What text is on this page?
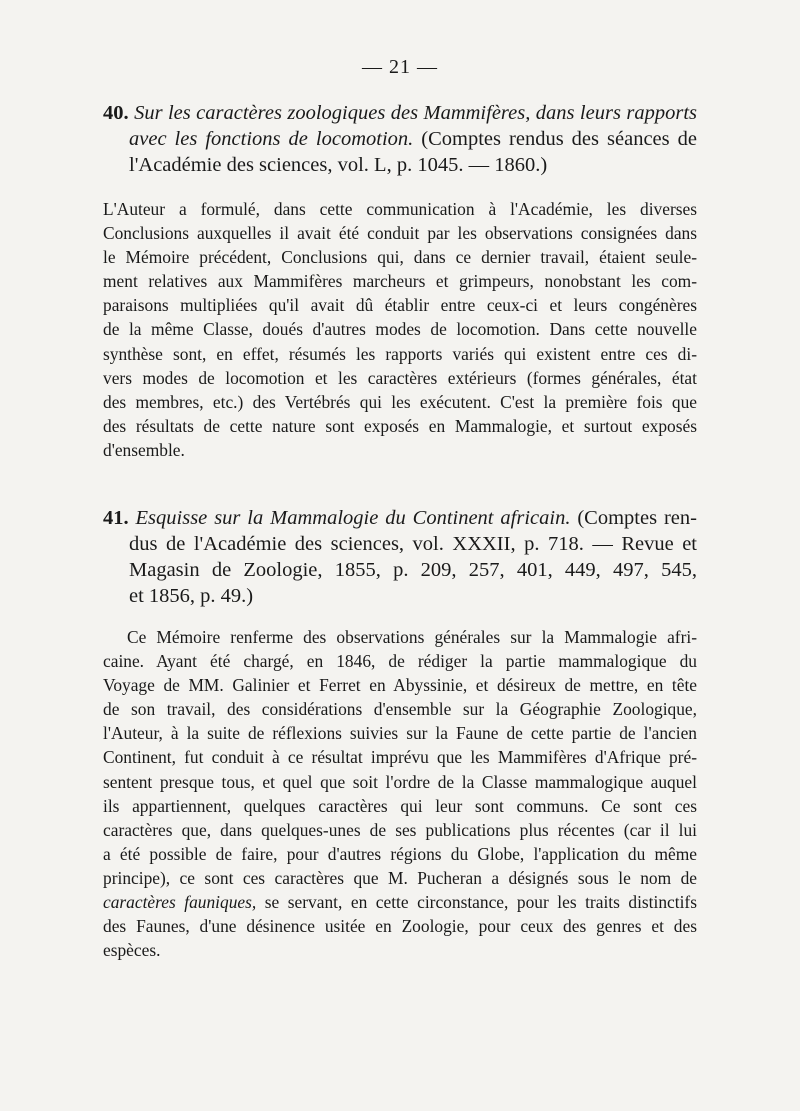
— 21 —
40. Sur les caractères zoologiques des Mammifères, dans leurs rapports
avec les fonctions de locomotion. (Comptes rendus des séances de
l'Académie des sciences, vol. L, p. 1045. — 1860.)
L'Auteur a formulé, dans cette communication à l'Académie, les diverses
Conclusions auxquelles il avait été conduit par les observations consignées dans
le Mémoire précédent, Conclusions qui, dans ce dernier travail, étaient seule-
ment relatives aux Mammifères marcheurs et grimpeurs, nonobstant les com-
paraisons multipliées qu'il avait dû établir entre ceux-ci et leurs congénères
de la même Classe, doués d'autres modes de locomotion. Dans cette nouvelle
synthèse sont, en effet, résumés les rapports variés qui existent entre ces di-
vers modes de locomotion et les caractères extérieurs (formes générales, état
des membres, etc.) des Vertébrés qui les exécutent. C'est la première fois que
des résultats de cette nature sont exposés en Mammalogie, et surtout exposés
d'ensemble.
41. Esquisse sur la Mammalogie du Continent africain. (Comptes ren-
dus de l'Académie des sciences, vol. XXXII, p. 718. — Revue et
Magasin de Zoologie, 1855, p. 209, 257, 401, 449, 497, 545,
et 1856, p. 49.)
Ce Mémoire renferme des observations générales sur la Mammalogie afri-
caine. Ayant été chargé, en 1846, de rédiger la partie mammalogique du
Voyage de MM. Galinier et Ferret en Abyssinie, et désireux de mettre, en tête
de son travail, des considérations d'ensemble sur la Géographie Zoologique,
l'Auteur, à la suite de réflexions suivies sur la Faune de cette partie de l'ancien
Continent, fut conduit à ce résultat imprévu que les Mammifères d'Afrique pré-
sentent presque tous, et quel que soit l'ordre de la Classe mammalogique auquel
ils appartiennent, quelques caractères qui leur sont communs. Ce sont ces
caractères que, dans quelques-unes de ses publications plus récentes (car il lui
a été possible de faire, pour d'autres régions du Globe, l'application du même
principe), ce sont ces caractères que M. Pucheran a désignés sous le nom de
caractères fauniques, se servant, en cette circonstance, pour les traits distinctifs
des Faunes, d'une désinence usitée en Zoologie, pour ceux des genres et des
espèces.
